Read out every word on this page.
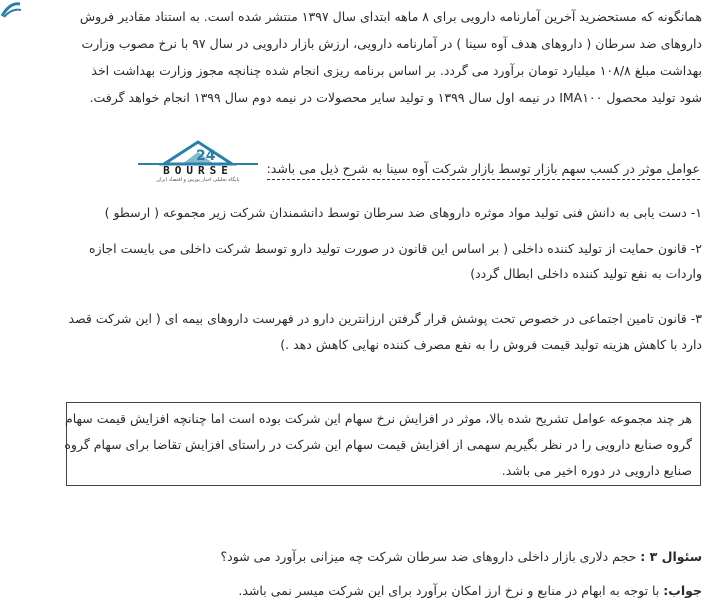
همانگونه که مستحضرید آخرین آمارنامه دارویی برای ۸ ماهه ابتدای سال ۱۳۹۷ منتشر شده است. به استناد مقادیر فروش
داروهای ضد سرطان ( داروهای هدف آوه سینا ) در آمارنامه دارویی، ارزش بازار دارویی در سال ۹۷ با نرخ مصوب وزارت
بهداشت مبلغ ۱۰۸/۸ میلیارد تومان برآورد می گردد. بر اساس برنامه ریزی انجام شده چنانچه مجوز وزارت بهداشت اخذ
شود تولید محصول IMA۱۰۰ در نیمه اول سال ۱۳۹۹ و تولید سایر محصولات در نیمه دوم سال ۱۳۹۹ انجام خواهد گرفت.
24
BOURSE
پایگاه تحلیلی اخبار بورس و اقتصاد ایران
عوامل موثر در کسب سهم بازار توسط بازار شرکت آوه سینا به شرح ذیل می باشد:
۱- دست یابی به دانش فنی تولید مواد موثره داروهای ضد سرطان توسط دانشمندان شرکت زیر مجموعه ( ارسطو )
۲- قانون حمایت از تولید کننده داخلی ( بر اساس این قانون در صورت تولید دارو توسط شرکت داخلی می بایست اجازه
واردات به نفع تولید کننده داخلی ابطال گردد)
۳- قانون تامین اجتماعی در خصوص تحت پوشش قرار گرفتن ارزانترین دارو در فهرست داروهای بیمه ای ( این شرکت قصد
دارد با کاهش هزینه تولید قیمت فروش را به نفع مصرف کننده نهایی کاهش دهد .)
هر چند مجموعه عوامل تشریح شده بالا، موثر در افزایش نرخ سهام این شرکت بوده است اما چنانچه افزایش قیمت سهام
گروه صنایع دارویی را در نظر بگیریم سهمی از افزایش قیمت سهام این شرکت در راستای افزایش تقاضا برای سهام گروه
صنایع دارویی در دوره اخیر می باشد.
سئوال ۳ : حجم دلاری بازار داخلی داروهای ضد سرطان شرکت چه میزانی برآورد می شود؟
جواب: با توجه به ابهام در منابع و نرخ ارز امکان برآورد برای این شرکت میسر نمی باشد.
